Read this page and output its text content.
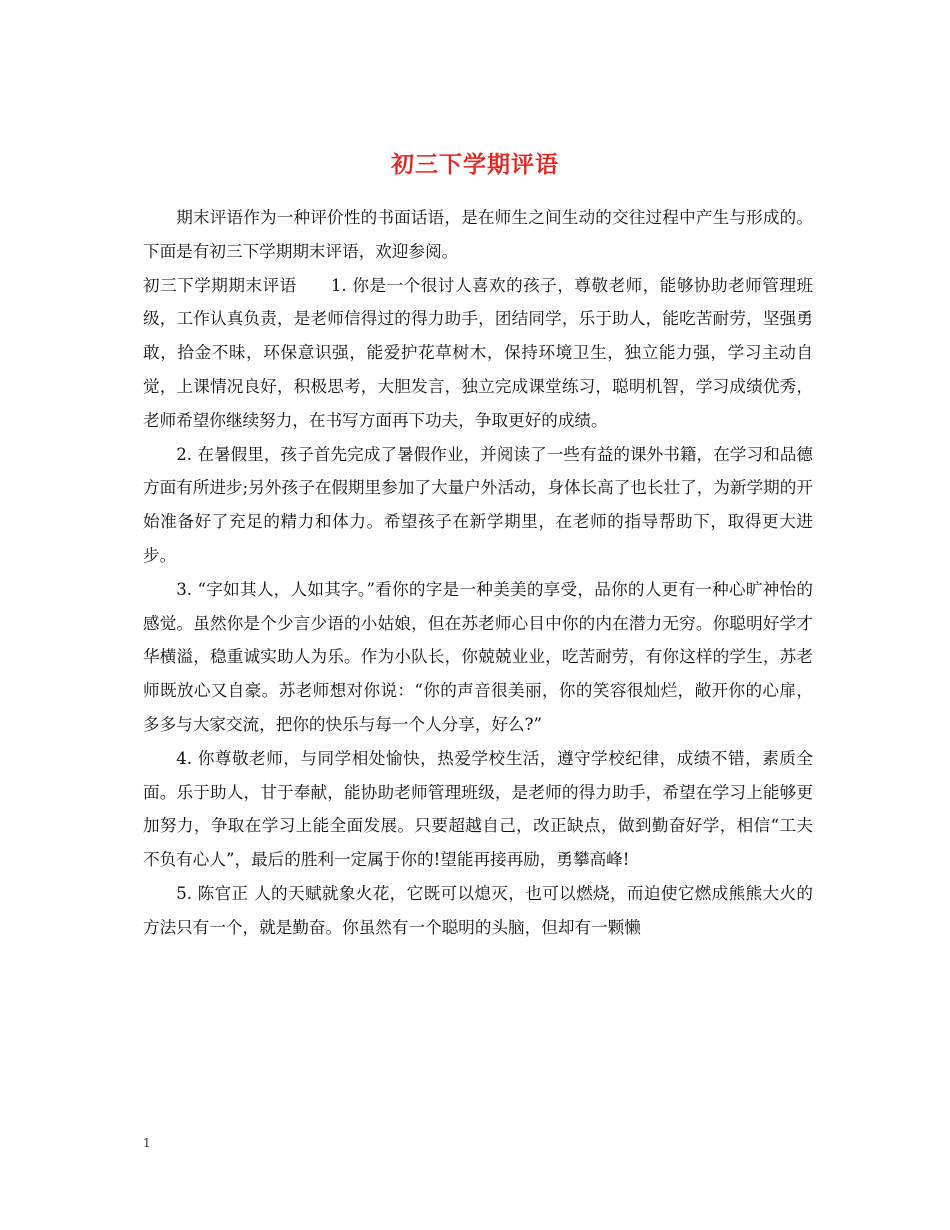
初三下学期评语

期末评语作为一种评价性的书面话语，是在师生之间生动的交往过程中产生与形成的。下面是有初三下学期期末评语，欢迎参阅。

初三下学期期末评语　　1. 你是一个很讨人喜欢的孩子，尊敬老师，能够协助老师管理班级，工作认真负责，是老师信得过的得力助手，团结同学，乐于助人，能吃苦耐劳，坚强勇敢，拾金不昧，环保意识强，能爱护花草树木，保持环境卫生，独立能力强，学习主动自觉，上课情况良好，积极思考，大胆发言，独立完成课堂练习，聪明机智，学习成绩优秀，老师希望你继续努力，在书写方面再下功夫，争取更好的成绩。

2. 在暑假里，孩子首先完成了暑假作业，并阅读了一些有益的课外书籍，在学习和品德方面有所进步;另外孩子在假期里参加了大量户外活动，身体长高了也长壮了，为新学期的开始准备好了充足的精力和体力。希望孩子在新学期里，在老师的指导帮助下，取得更大进步。

3. “字如其人，人如其字。”看你的字是一种美美的享受，品你的人更有一种心旷神怡的感觉。虽然你是个少言少语的小姑娘，但在苏老师心目中你的内在潜力无穷。你聪明好学才华横溢，稳重诚实助人为乐。作为小队长，你兢兢业业，吃苦耐劳，有你这样的学生，苏老师既放心又自豪。苏老师想对你说：“你的声音很美丽，你的笑容很灿烂，敞开你的心扉，多多与大家交流，把你的快乐与每一个人分享，好么?”

4. 你尊敬老师，与同学相处愉快，热爱学校生活，遵守学校纪律，成绩不错，素质全面。乐于助人，甘于奉献，能协助老师管理班级，是老师的得力助手，希望在学习上能够更加努力，争取在学习上能全面发展。只要超越自己，改正缺点，做到勤奋好学，相信“工夫不负有心人”，最后的胜利一定属于你的!望能再接再励，勇攀高峰!

5. 陈官正 人的天赋就象火花，它既可以熄灭，也可以燃烧，而迫使它燃成熊熊大火的方法只有一个，就是勤奋。你虽然有一个聪明的头脑，但却有一颗懒

1
